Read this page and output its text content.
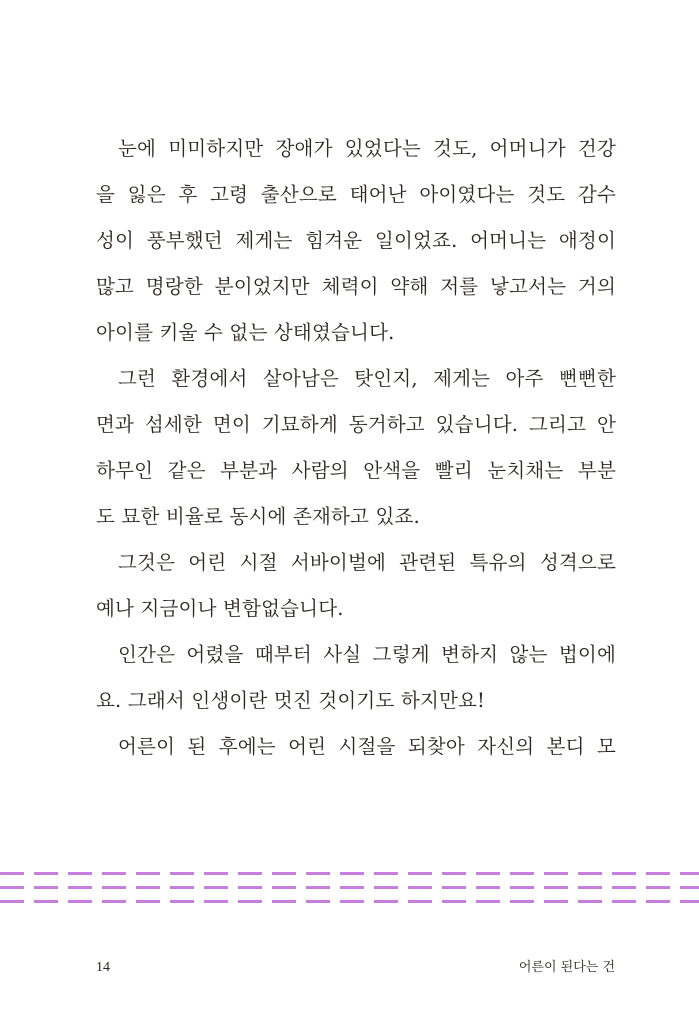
눈에 미미하지만 장애가 있었다는 것도, 어머니가 건강
을 잃은 후 고령 출산으로 태어난 아이였다는 것도 감수
성이 풍부했던 제게는 힘겨운 일이었죠. 어머니는 애정이
많고 명랑한 분이었지만 체력이 약해 저를 낳고서는 거의
아이를 키울 수 없는 상태였습니다.
그런 환경에서 살아남은 탓인지, 제게는 아주 뻔뻔한
면과 섬세한 면이 기묘하게 동거하고 있습니다. 그리고 안
하무인 같은 부분과 사람의 안색을 빨리 눈치채는 부분
도 묘한 비율로 동시에 존재하고 있죠.
그것은 어린 시절 서바이벌에 관련된 특유의 성격으로
예나 지금이나 변함없습니다.
인간은 어렸을 때부터 사실 그렇게 변하지 않는 법이에
요. 그래서 인생이란 멋진 것이기도 하지만요!
어른이 된 후에는 어린 시절을 되찾아 자신의 본디 모
14	어른이 된다는 건
